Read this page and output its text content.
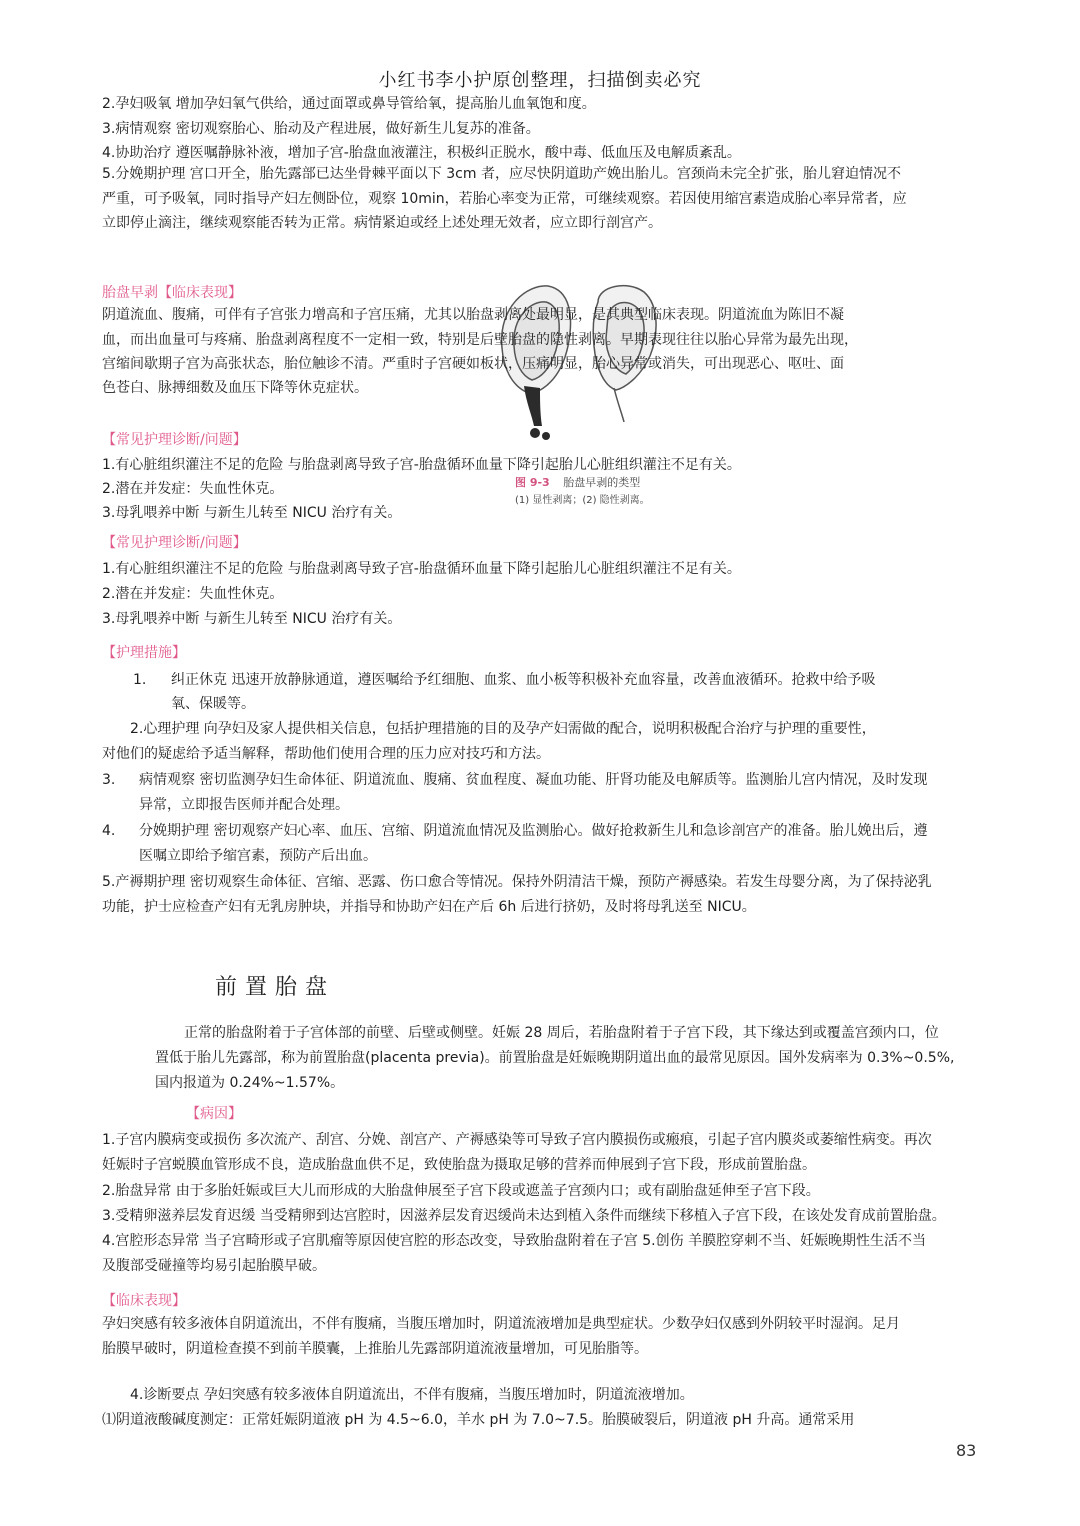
小红书李小护原创整理，扫描倒卖必究
2.孕妇吸氧 增加孕妇氧气供给，通过面罩或鼻导管给氧，提高胎儿血氧饱和度。
3.病情观察 密切观察胎心、胎动及产程进展，做好新生儿复苏的准备。
4.协助治疗 遵医嘱静脉补液，增加子宫-胎盘血液灌注，积极纠正脱水，酸中毒、低血压及电解质紊乱。
5.分娩期护理 宫口开全，胎先露部已达坐骨棘平面以下 3cm 者，应尽快阴道助产娩出胎儿。宫颈尚未完全扩张，胎儿窘迫情况不
严重，可予吸氧，同时指导产妇左侧卧位，观察 10min，若胎心率变为正常，可继续观察。若因使用缩宫素造成胎心率异常者，应
立即停止滴注，继续观察能否转为正常。病情紧迫或经上述处理无效者，应立即行剖宫产。
图 9-3 胎盘早剥的类型
(1) 显性剥离；(2) 隐性剥离。
胎盘早剥【临床表现】
阴道流血、腹痛，可伴有子宫张力增高和子宫压痛，尤其以胎盘剥离处最明显，是其典型临床表现。阴道流血为陈旧不凝
血，而出血量可与疼痛、胎盘剥离程度不一定相一致，特别是后壁胎盘的隐性剥离。早期表现往往以胎心异常为最先出现，
宫缩间歇期子宫为高张状态，胎位触诊不清。严重时子宫硬如板状，压痛明显，胎心异常或消失，可出现恶心、呕吐、面
色苍白、脉搏细数及血压下降等休克症状。
【常见护理诊断/问题】
1.有心脏组织灌注不足的危险 与胎盘剥离导致子宫-胎盘循环血量下降引起胎儿心脏组织灌注不足有关。
2.潜在并发症：失血性休克。
3.母乳喂养中断 与新生儿转至 NICU 治疗有关。
【常见护理诊断/问题】
1.有心脏组织灌注不足的危险 与胎盘剥离导致子宫-胎盘循环血量下降引起胎儿心脏组织灌注不足有关。
2.潜在并发症：失血性休克。
3.母乳喂养中断 与新生儿转至 NICU 治疗有关。
【护理措施】
1. 纠正休克 迅速开放静脉通道，遵医嘱给予红细胞、血浆、血小板等积极补充血容量，改善血液循环。抢救中给予吸
氧、保暖等。
2.心理护理 向孕妇及家人提供相关信息，包括护理措施的目的及孕产妇需做的配合，说明积极配合治疗与护理的重要性，
对他们的疑虑给予适当解释，帮助他们使用合理的压力应对技巧和方法。
3. 病情观察 密切监测孕妇生命体征、阴道流血、腹痛、贫血程度、凝血功能、肝肾功能及电解质等。监测胎儿宫内情况，及时发现
异常，立即报告医师并配合处理。
4. 分娩期护理 密切观察产妇心率、血压、宫缩、阴道流血情况及监测胎心。做好抢救新生儿和急诊剖宫产的准备。胎儿娩出后，遵
医嘱立即给予缩宫素，预防产后出血。
5.产褥期护理 密切观察生命体征、宫缩、恶露、伤口愈合等情况。保持外阴清洁干燥，预防产褥感染。若发生母婴分离，为了保持泌乳
功能，护士应检查产妇有无乳房肿块，并指导和协助产妇在产后 6h 后进行挤奶，及时将母乳送至 NICU。
前置胎盘
正常的胎盘附着于子宫体部的前壁、后壁或侧壁。妊娠 28 周后，若胎盘附着于子宫下段，其下缘达到或覆盖宫颈内口，位
置低于胎儿先露部，称为前置胎盘(placenta previa)。前置胎盘是妊娠晚期阴道出血的最常见原因。国外发病率为 0.3%~0.5%,
国内报道为 0.24%~1.57%。
【病因】
1.子宫内膜病变或损伤 多次流产、刮宫、分娩、剖宫产、产褥感染等可导致子宫内膜损伤或瘢痕，引起子宫内膜炎或萎缩性病变。再次
妊娠时子宫蜕膜血管形成不良，造成胎盘血供不足，致使胎盘为摄取足够的营养而伸展到子宫下段，形成前置胎盘。
2.胎盘异常 由于多胎妊娠或巨大儿而形成的大胎盘伸展至子宫下段或遮盖子宫颈内口；或有副胎盘延伸至子宫下段。
3.受精卵滋养层发育迟缓 当受精卵到达宫腔时，因滋养层发育迟缓尚未达到植入条件而继续下移植入子宫下段，在该处发育成前置胎盘。
4.宫腔形态异常 当子宫畸形或子宫肌瘤等原因使宫腔的形态改变，导致胎盘附着在子宫 5.创伤 羊膜腔穿刺不当、妊娠晚期性生活不当
及腹部受碰撞等均易引起胎膜早破。
【临床表现】
孕妇突感有较多液体自阴道流出，不伴有腹痛，当腹压增加时，阴道流液增加是典型症状。少数孕妇仅感到外阴较平时湿润。足月
胎膜早破时，阴道检查摸不到前羊膜囊，上推胎儿先露部阴道流液量增加，可见胎脂等。
4.诊断要点 孕妇突感有较多液体自阴道流出，不伴有腹痛，当腹压增加时，阴道流液增加。
⑴阴道液酸碱度测定：正常妊娠阴道液 pH 为 4.5~6.0，羊水 pH 为 7.0~7.5。胎膜破裂后，阴道液 pH 升高。通常采用
83
